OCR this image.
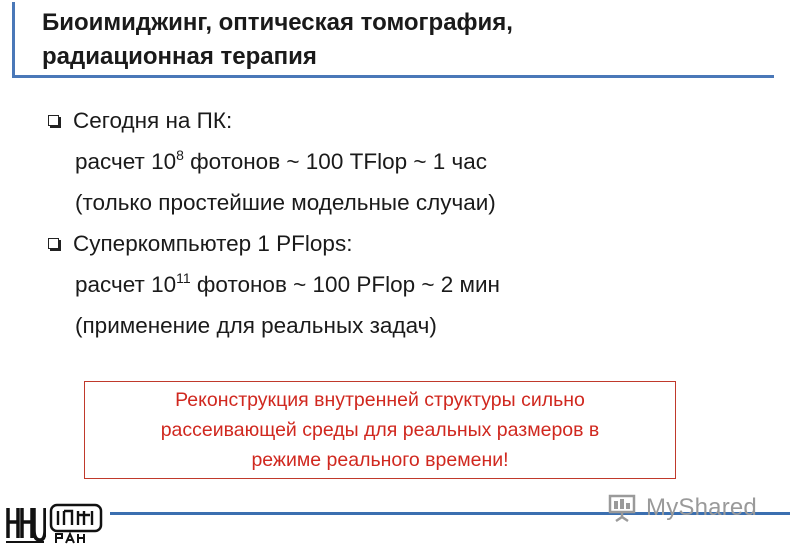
Биоимиджинг, оптическая томография,
радиационная терапия
Сегодня на ПК:
расчет $10^8$ фотонов ~ 100 TFlop ~ 1 час
(только простейшие модельные случаи)
Суперкомпьютер 1 PFlops:
расчет $10^{11}$ фотонов ~ 100 PFlop ~ 2 мин
(применение для реальных задач)
Реконструкция внутренней структуры сильно
рассеивающей среды для реальных размеров в
режиме реального времени!
MyShared
